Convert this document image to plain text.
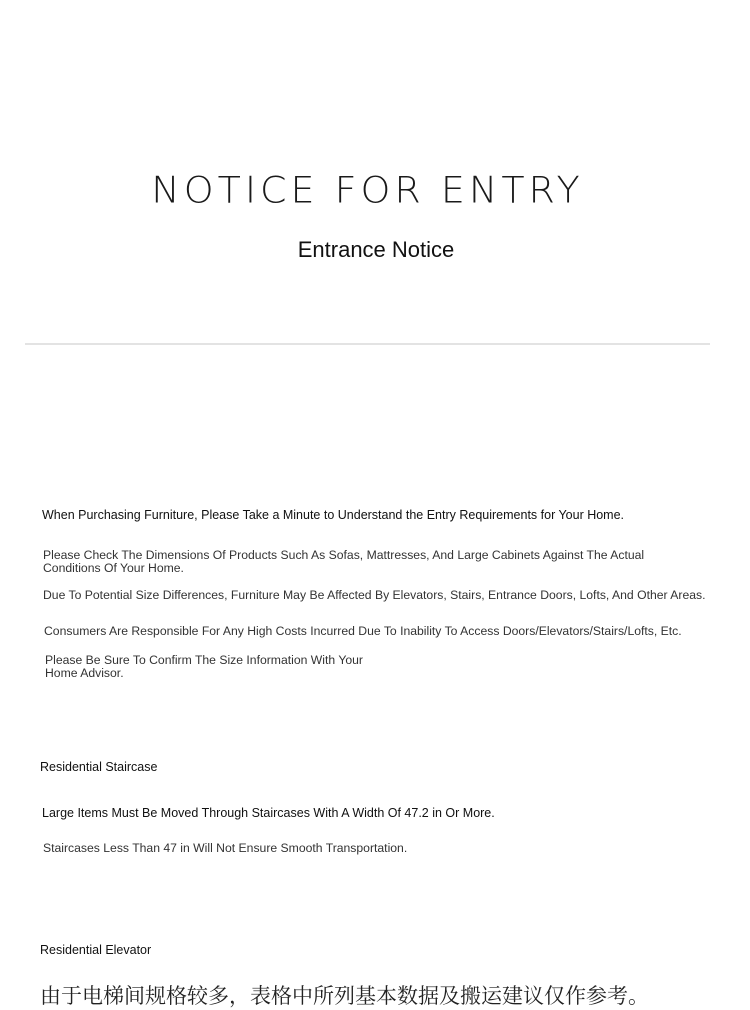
NOTICE FOR ENTRY
Entrance Notice
When Purchasing Furniture, Please Take a Minute to Understand the Entry Requirements for Your Home.
Please Check The Dimensions Of Products Such As Sofas, Mattresses, And Large Cabinets Against The Actual Conditions Of Your Home.
Due To Potential Size Differences, Furniture May Be Affected By Elevators, Stairs, Entrance Doors, Lofts, And Other Areas.
Consumers Are Responsible For Any High Costs Incurred Due To Inability To Access Doors/Elevators/Stairs/Lofts, Etc.
Please Be Sure To Confirm The Size Information With Your Home Advisor.
Residential Staircase
Large Items Must Be Moved Through Staircases With A Width Of 47.2 in Or More.
Staircases Less Than 47 in Will Not Ensure Smooth Transportation.
Residential Elevator
由于电梯间规格较多，表格中所列基本数据及搬运建议仅作参考。
